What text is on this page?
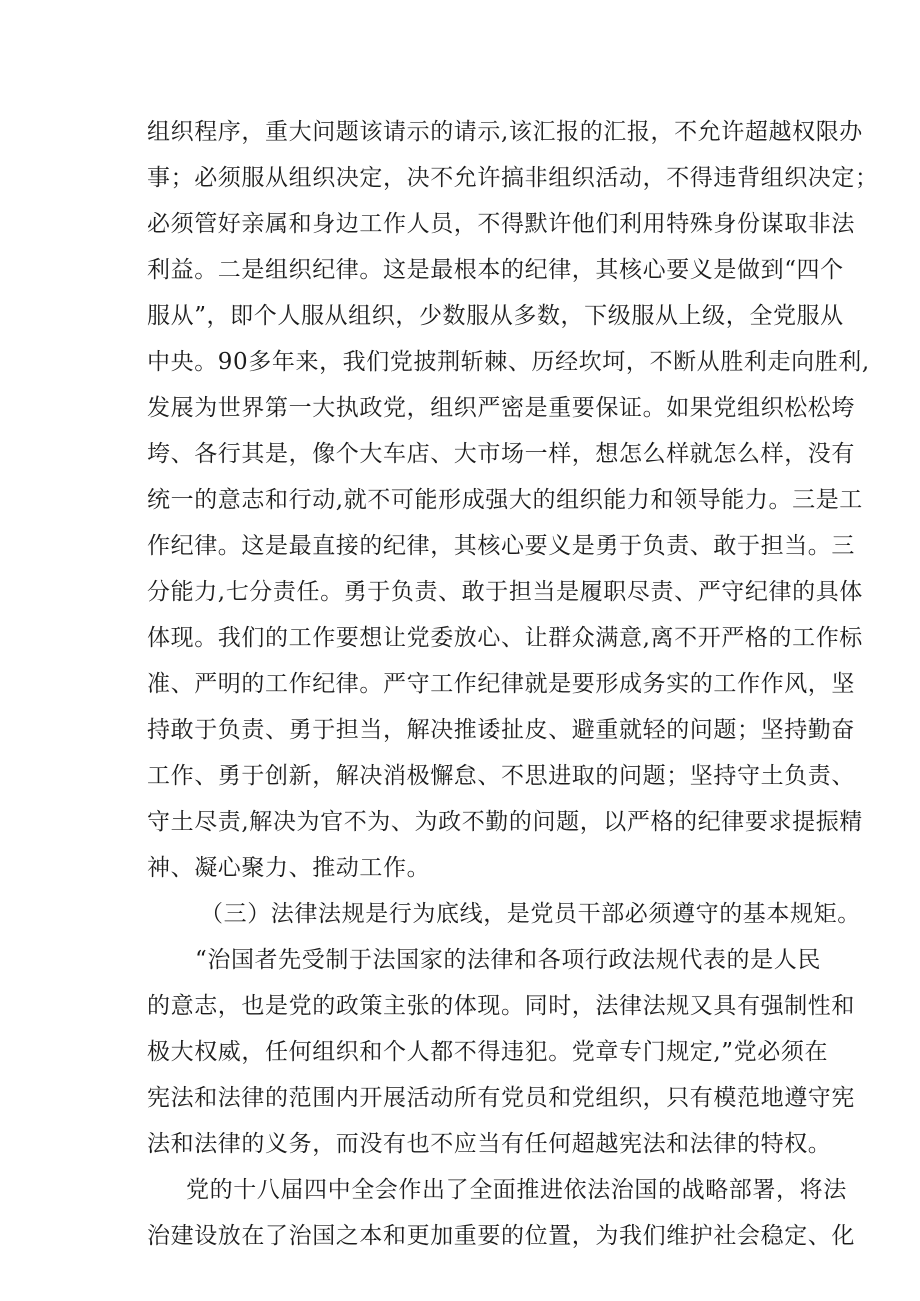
组织程序，重大问题该请示的请示,该汇报的汇报，不允许超越权限办
事；必须服从组织决定，决不允许搞非组织活动，不得违背组织决定；
必须管好亲属和身边工作人员，不得默许他们利用特殊身份谋取非法
利益。二是组织纪律。这是最根本的纪律，其核心要义是做到“四个
服从”，即个人服从组织，少数服从多数，下级服从上级，全党服从
中央。90多年来，我们党披荆斩棘、历经坎坷，不断从胜利走向胜利,
发展为世界第一大执政党，组织严密是重要保证。如果党组织松松垮
垮、各行其是，像个大车店、大市场一样，想怎么样就怎么样，没有
统一的意志和行动,就不可能形成强大的组织能力和领导能力。三是工
作纪律。这是最直接的纪律，其核心要义是勇于负责、敢于担当。三
分能力,七分责任。勇于负责、敢于担当是履职尽责、严守纪律的具体
体现。我们的工作要想让党委放心、让群众满意,离不开严格的工作标
准、严明的工作纪律。严守工作纪律就是要形成务实的工作作风，坚
持敢于负责、勇于担当，解决推诿扯皮、避重就轻的问题；坚持勤奋
工作、勇于创新，解决消极懈怠、不思进取的问题；坚持守土负责、
守土尽责,解决为官不为、为政不勤的问题，以严格的纪律要求提振精
神、凝心聚力、推动工作。
（三）法律法规是行为底线，是党员干部必须遵守的基本规矩。
“治国者先受制于法国家的法律和各项行政法规代表的是人民
的意志，也是党的政策主张的体现。同时，法律法规又具有强制性和
极大权威，任何组织和个人都不得违犯。党章专门规定,”党必须在
宪法和法律的范围内开展活动所有党员和党组织，只有模范地遵守宪
法和法律的义务，而没有也不应当有任何超越宪法和法律的特权。
党的十八届四中全会作出了全面推进依法治国的战略部署，将法
治建设放在了治国之本和更加重要的位置，为我们维护社会稳定、化
